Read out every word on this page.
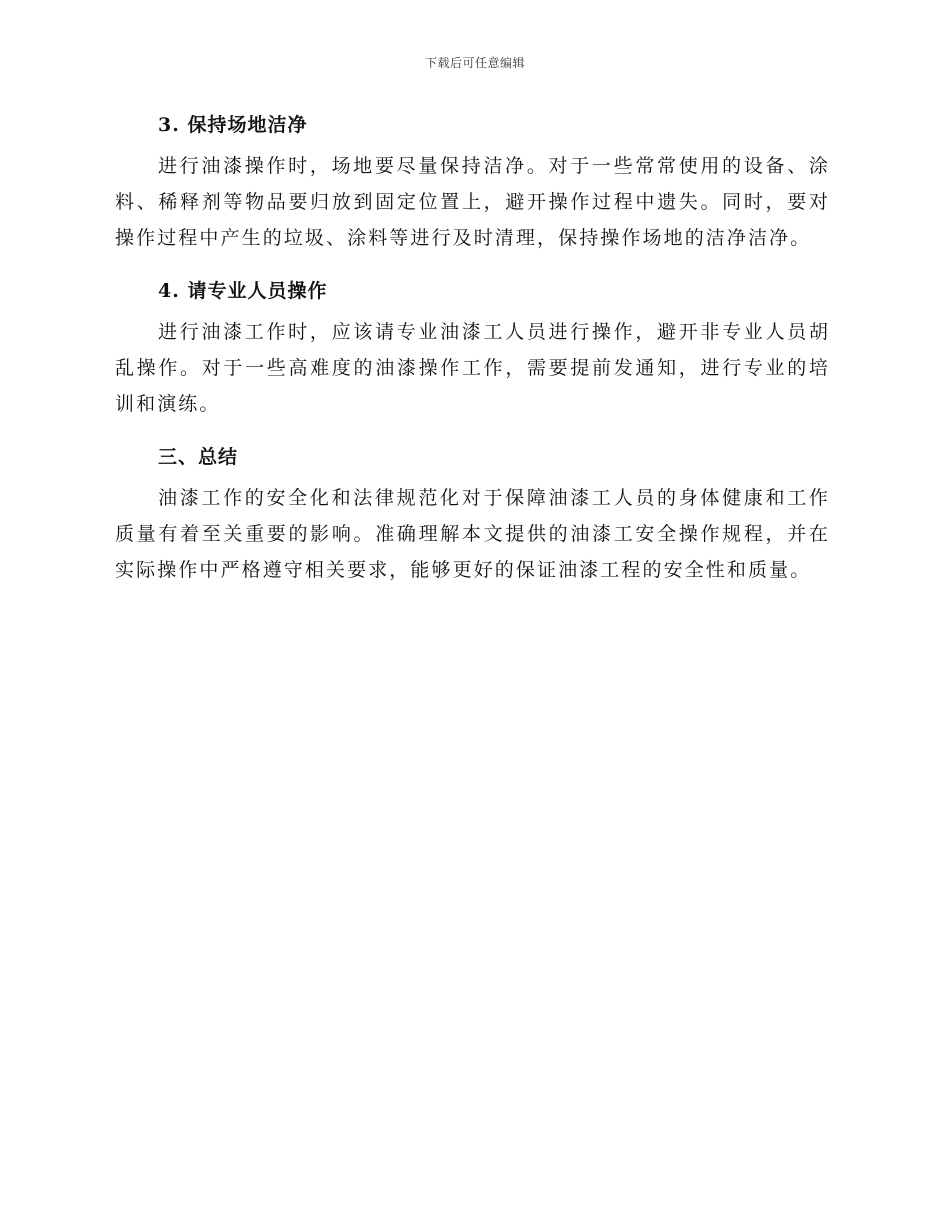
下载后可任意编辑
3. 保持场地洁净

进行油漆操作时，场地要尽量保持洁净。对于一些常常使用的设备、涂料、稀释剂等物品要归放到固定位置上，避开操作过程中遗失。同时，要对操作过程中产生的垃圾、涂料等进行及时清理，保持操作场地的洁净洁净。

4. 请专业人员操作

进行油漆工作时，应该请专业油漆工人员进行操作，避开非专业人员胡乱操作。对于一些高难度的油漆操作工作，需要提前发通知，进行专业的培训和演练。

三、总结

油漆工作的安全化和法律规范化对于保障油漆工人员的身体健康和工作质量有着至关重要的影响。准确理解本文提供的油漆工安全操作规程，并在实际操作中严格遵守相关要求，能够更好的保证油漆工程的安全性和质量。
